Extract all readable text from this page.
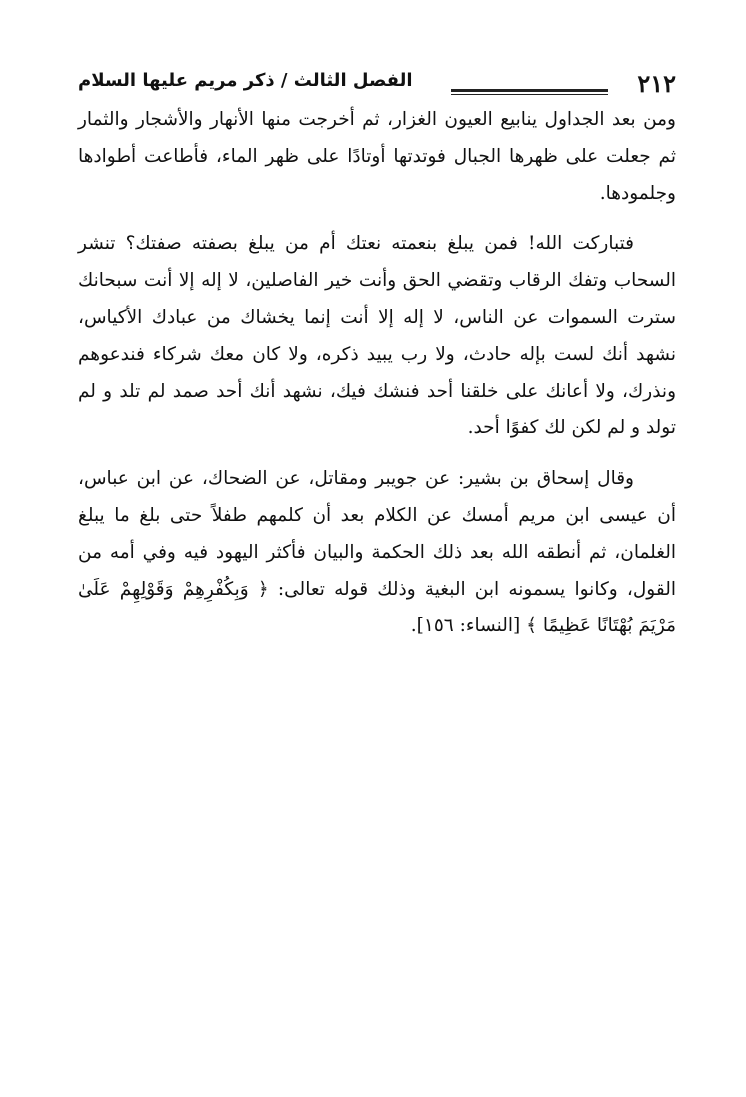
٢١٢
الفصل الثالث / ذكر مريم عليها السلام

ومن بعد الجداول ينابيع العيون الغزار، ثم أخرجت منها الأنهار والأشجار والثمار ثم جعلت على ظهرها الجبال فوتدتها أوتادًا على ظهر الماء، فأطاعت أطوادها وجلمودها.

فتباركت الله! فمن يبلغ بنعمته نعتك أم من يبلغ بصفته صفتك؟ تنشر السحاب وتفك الرقاب وتقضي الحق وأنت خير الفاصلين، لا إله إلا أنت سبحانك سترت السموات عن الناس، لا إله إلا أنت إنما يخشاك من عبادك الأكياس، نشهد أنك لست بإله حادث، ولا رب يبيد ذكره، ولا كان معك شركاء فندعوهم ونذرك، ولا أعانك على خلقنا أحد فنشك فيك، نشهد أنك أحد صمد لم تلد و لم تولد و لم لكن لك كفوًا أحد.

وقال إسحاق بن بشير: عن جويبر ومقاتل، عن الضحاك، عن ابن عباس، أن عيسى ابن مريم أمسك عن الكلام بعد أن كلمهم طفلاً حتى بلغ ما يبلغ الغلمان، ثم أنطقه الله بعد ذلك الحكمة والبيان فأكثر اليهود فيه وفي أمه من القول، وكانوا يسمونه ابن البغية وذلك قوله تعالى: ﴿ وَبِكُفْرِهِمْ وَقَوْلِهِمْ عَلَىٰ مَرْيَمَ بُهْتَانًا عَظِيمًا ﴾ [النساء: ١٥٦].
